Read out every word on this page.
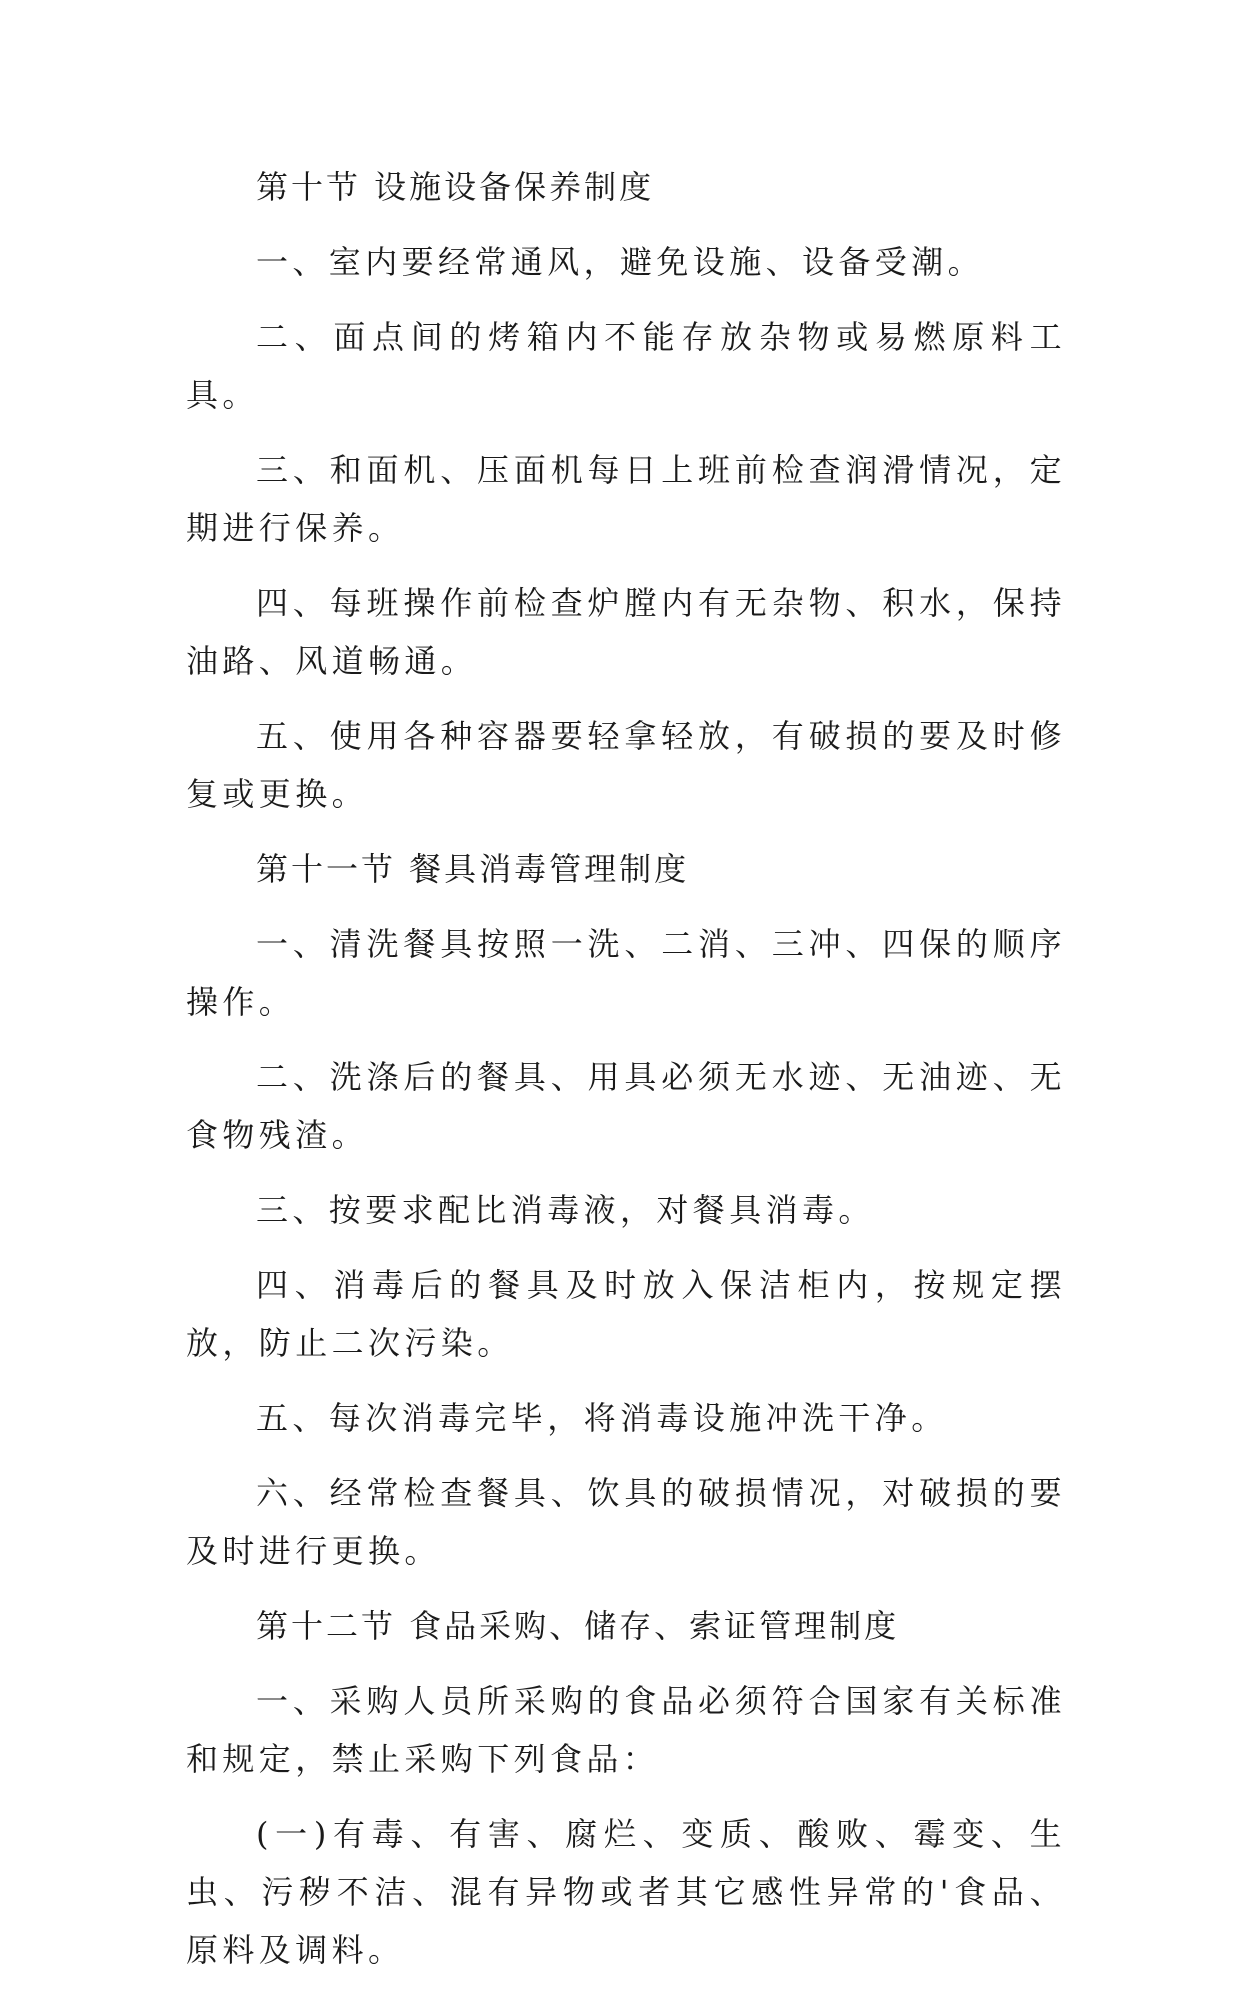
第十节 设施设备保养制度

一、室内要经常通风，避免设施、设备受潮。

二、面点间的烤箱内不能存放杂物或易燃原料工具。

三、和面机、压面机每日上班前检查润滑情况，定期进行保养。

四、每班操作前检查炉膛内有无杂物、积水，保持油路、风道畅通。

五、使用各种容器要轻拿轻放，有破损的要及时修复或更换。

第十一节 餐具消毒管理制度

一、清洗餐具按照一洗、二消、三冲、四保的顺序操作。

二、洗涤后的餐具、用具必须无水迹、无油迹、无食物残渣。

三、按要求配比消毒液，对餐具消毒。

四、消毒后的餐具及时放入保洁柜内，按规定摆放，防止二次污染。

五、每次消毒完毕，将消毒设施冲洗干净。

六、经常检查餐具、饮具的破损情况，对破损的要及时进行更换。

第十二节 食品采购、储存、索证管理制度

一、采购人员所采购的食品必须符合国家有关标准和规定，禁止采购下列食品：

(一)有毒、有害、腐烂、变质、酸败、霉变、生虫、污秽不洁、混有异物或者其它感性异常的'食品、原料及调料。
